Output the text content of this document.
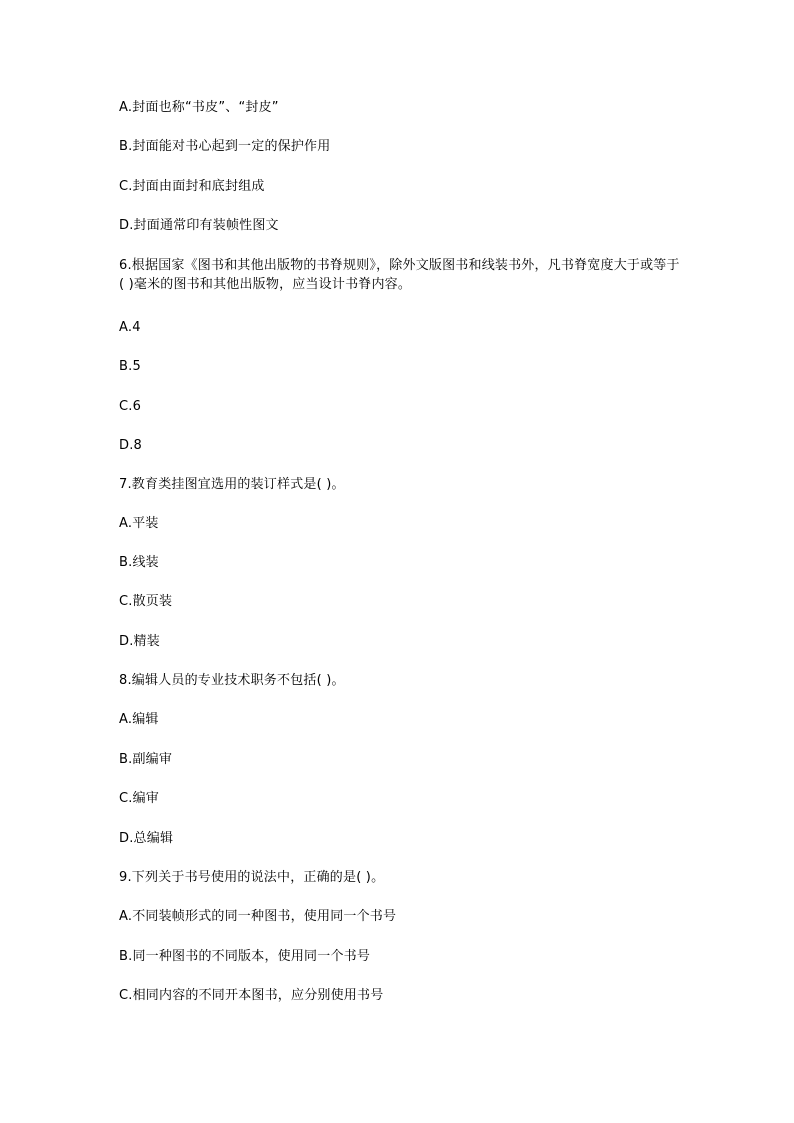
A.封面也称“书皮”、“封皮”
B.封面能对书心起到一定的保护作用
C.封面由面封和底封组成
D.封面通常印有装帧性图文
6.根据国家《图书和其他出版物的书脊规则》，除外文版图书和线装书外，凡书脊宽度大于或等于( )毫米的图书和其他出版物，应当设计书脊内容。
A.4
B.5
C.6
D.8
7.教育类挂图宜选用的装订样式是( )。
A.平装
B.线装
C.散页装
D.精装
8.编辑人员的专业技术职务不包括( )。
A.编辑
B.副编审
C.编审
D.总编辑
9.下列关于书号使用的说法中，正确的是( )。
A.不同装帧形式的同一种图书，使用同一个书号
B.同一种图书的不同版本，使用同一个书号
C.相同内容的不同开本图书，应分别使用书号
